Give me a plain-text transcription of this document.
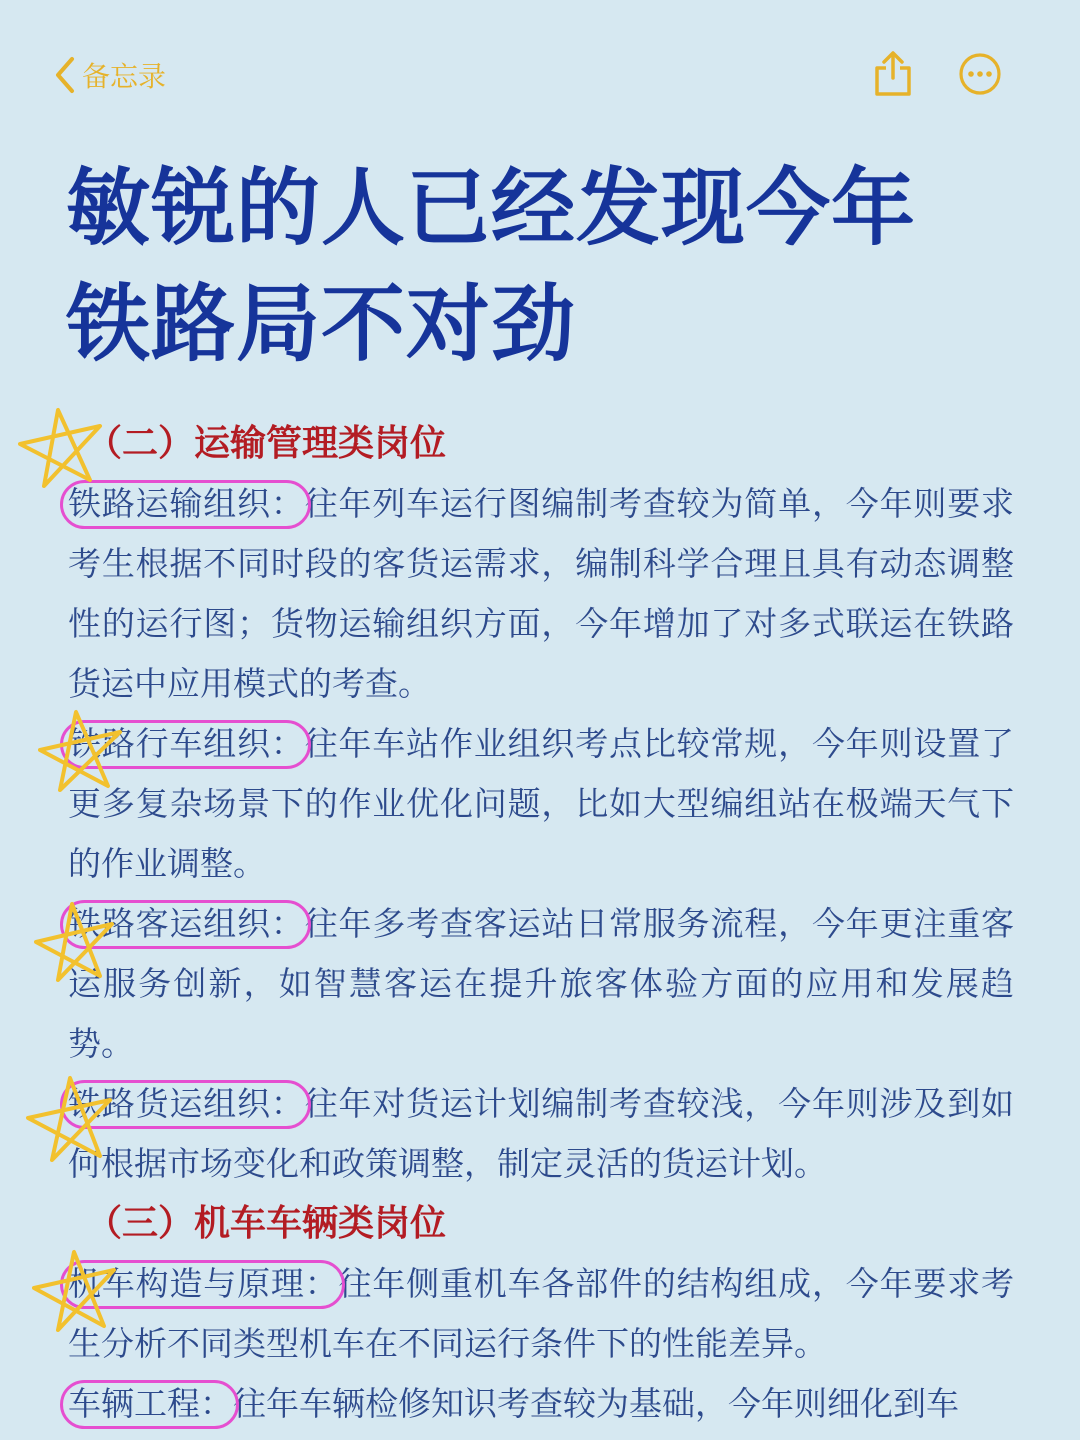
备忘录
敏锐的人已经发现今年
铁路局不对劲
（二）运输管理类岗位
铁路运输组织：
往年列车运行图编制考查较为简单，今年则要求考生根据不同时段的客货运需求，编制科学合理且具有动态调整性的运行图；货物运输组织方面，今年增加了对多式联运在铁路货运中应用模式的考查。
铁路行车组织：
往年车站作业组织考点比较常规，今年则设置了更多复杂场景下的作业优化问题，比如大型编组站在极端天气下的作业调整。
铁路客运组织：
往年多考查客运站日常服务流程，今年更注重客运服务创新，如智慧客运在提升旅客体验方面的应用和发展趋势。
铁路货运组织：
往年对货运计划编制考查较浅，今年则涉及到如何根据市场变化和政策调整，制定灵活的货运计划。
（三）机车车辆类岗位
机车构造与原理：
往年侧重机车各部件的结构组成，今年要求考生分析不同类型机车在不同运行条件下的性能差异。
车辆工程：
往年车辆检修知识考查较为基础，今年则细化到车
